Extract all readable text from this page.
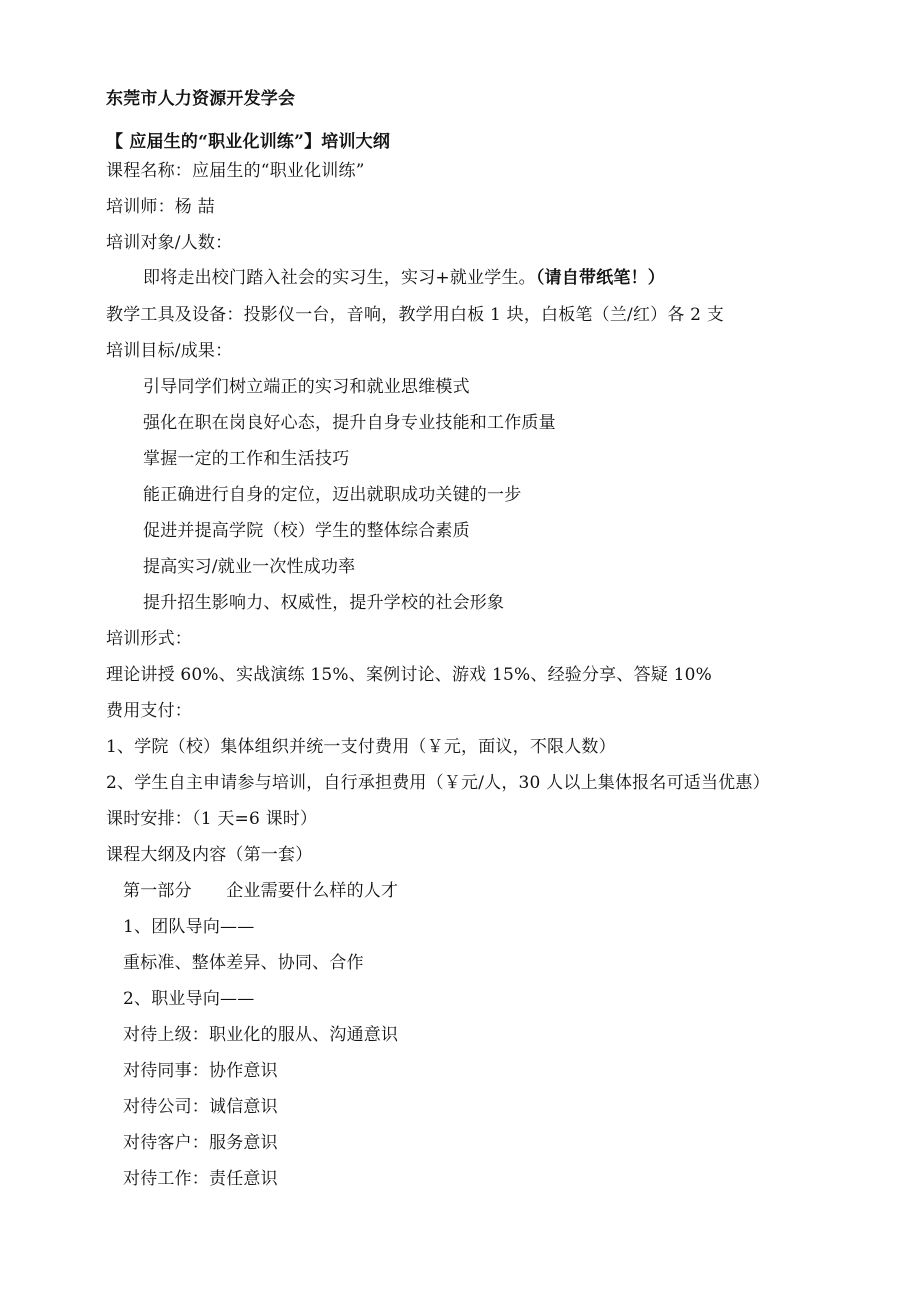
东莞市人力资源开发学会
【 应届生的“职业化训练”】培训大纲
课程名称：应届生的“职业化训练”
培训师：杨 喆
培训对象/人数：
即将走出校门踏入社会的实习生，实习+就业学生。（请自带纸笔！）
教学工具及设备：投影仪一台，音响，教学用白板 1 块，白板笔（兰/红）各 2 支
培训目标/成果：
引导同学们树立端正的实习和就业思维模式
强化在职在岗良好心态，提升自身专业技能和工作质量
掌握一定的工作和生活技巧
能正确进行自身的定位，迈出就职成功关键的一步
促进并提高学院（校）学生的整体综合素质
提高实习/就业一次性成功率
提升招生影响力、权威性，提升学校的社会形象
培训形式：
理论讲授 60%、实战演练 15%、案例讨论、游戏 15%、经验分享、答疑 10%
费用支付：
1、学院（校）集体组织并统一支付费用（￥元，面议，不限人数）
2、学生自主申请参与培训，自行承担费用（￥元/人，30 人以上集体报名可适当优惠）
课时安排：（1 天=6 课时）
课程大纲及内容（第一套）
第一部分　　企业需要什么样的人才
1、团队导向——
重标准、整体差异、协同、合作
2、职业导向——
对待上级：职业化的服从、沟通意识
对待同事：协作意识
对待公司：诚信意识
对待客户：服务意识
对待工作：责任意识
